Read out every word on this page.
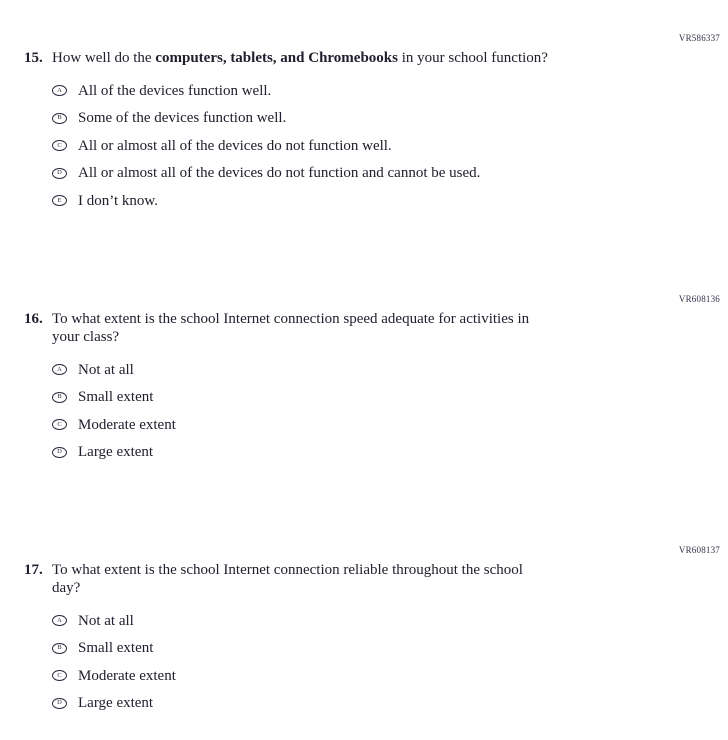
VR586337
15. How well do the computers, tablets, and Chromebooks in your school function?
A All of the devices function well.
B Some of the devices function well.
C All or almost all of the devices do not function well.
D All or almost all of the devices do not function and cannot be used.
E I don’t know.
VR608136
16. To what extent is the school Internet connection speed adequate for activities in
your class?
A Not at all
B Small extent
C Moderate extent
D Large extent
VR608137
17. To what extent is the school Internet connection reliable throughout the school
day?
A Not at all
B Small extent
C Moderate extent
D Large extent
